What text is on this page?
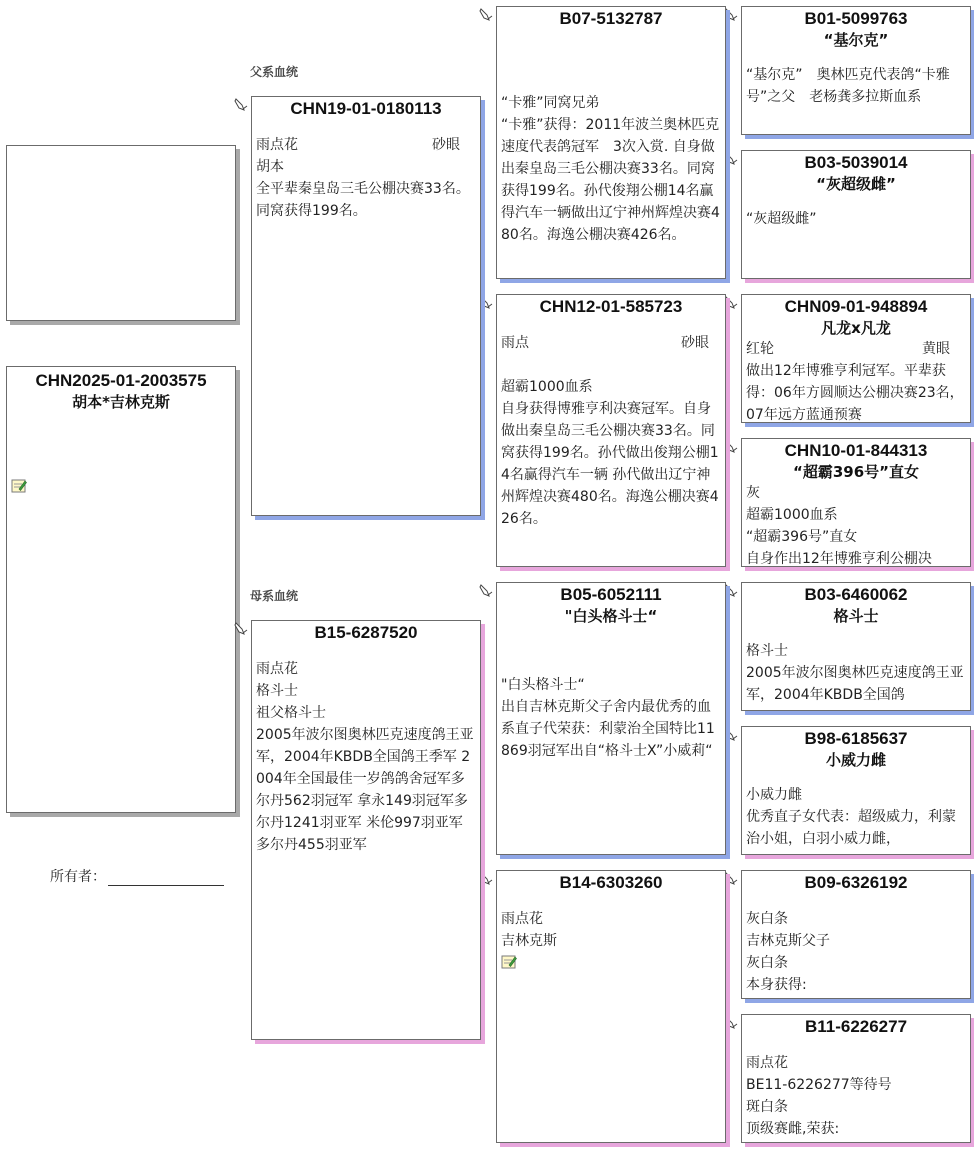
CHN2025-01-2003575
胡本*吉林克斯
所有者：
父系血统
母系血统
CHN19-01-0180113
雨点花	砂眼
胡本
全平辈秦皇岛三毛公棚决赛33名。同窝获得199名。
B15-6287520
雨点花
格斗士
祖父格斗士
2005年波尔图奥林匹克速度鸽王亚军，2004年KBDB全国鸽王季军 2004年全国最佳一岁鸽鸽舍冠军多尔丹562羽冠军 拿永149羽冠军多尔丹1241羽亚军 米伦997羽亚军多尔丹455羽亚军
B07-5132787
“卡雅”同窝兄弟
“卡雅”获得：2011年波兰奥林匹克速度代表鸽冠军　3次入赏. 自身做出秦皇岛三毛公棚决赛33名。同窝获得199名。孙代俊翔公棚14名赢得汽车一辆做出辽宁神州辉煌决赛480名。海逸公棚决赛426名。
CHN12-01-585723
雨点	砂眼
超霸1000血系
自身获得博雅亨利决赛冠军。自身做出秦皇岛三毛公棚决赛33名。同窝获得199名。孙代做出俊翔公棚14名赢得汽车一辆 孙代做出辽宁神州辉煌决赛480名。海逸公棚决赛426名。
B05-6052111
"白头格斗士“
"白头格斗士“
出自吉林克斯父子舍内最优秀的血系直子代荣获：利蒙治全国特比11869羽冠军出自“格斗士X”小威莉“
B14-6303260
雨点花
吉林克斯
B01-5099763
“基尔克”
“基尔克”　奥林匹克代表鸽“卡雅号”之父　老杨龚多拉斯血系
B03-5039014
“灰超级雌”
“灰超级雌”
CHN09-01-948894
凡龙x凡龙
红轮	黄眼
做出12年博雅亨利冠军。平辈获得：06年方圆顺达公棚决赛23名，07年远方蓝通预赛
CHN10-01-844313
“超霸396号”直女
灰
超霸1000血系
“超霸396号”直女
自身作出12年博雅亨利公棚决
B03-6460062
格斗士
格斗士
2005年波尔图奥林匹克速度鸽王亚军，2004年KBDB全国鸽
B98-6185637
小威力雌
小威力雌
优秀直子女代表：超级威力，利蒙治小姐，白羽小威力雌，
B09-6326192
灰白条
吉林克斯父子
灰白条
本身获得:
B11-6226277
雨点花
BE11-6226277等待号
斑白条
顶级赛雌,荣获:
